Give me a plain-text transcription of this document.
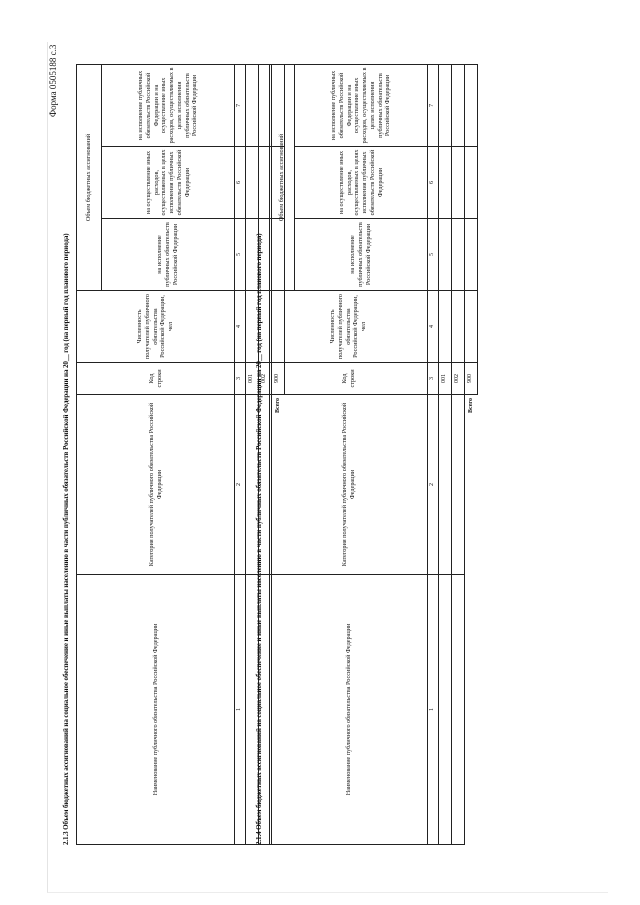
Форма 0505188 с.3
2.1.3 Объем бюджетных ассигнований на социальное обеспечение и иные выплаты населению в части публичных обязательств Российской Федерации на 20__ год (на первый год планового периода)	Наименование публичного обязательства Российской Федерации	Категория получателей публичного обязательства Российской Федерации	Код строки	Численность получателей публичного обязательства Российской Федерации, чел	Объем бюджетных ассигнований		
				на исполнение публичных обязательств Российской Федерации	на осуществление иных расходов, осуществляемых в целях исполнения публичных обязательств Российской Федерации	на исполнение публичных обязательств Российской Федерации и на осуществление иных расходов, осуществляемых в целях исполнения публичных обязательств Российской Федерации
1	2	3	4	5	6	7
		001				
		002				
	Всего	900				
2.1.4 Объем бюджетных ассигнований на социальное обеспечение и иные выплаты населению в части публичных обязательств Российской Федерации на 20__ год (на первый год планового периода)	Наименование публичного обязательства Российской Федерации	Категория получателей публичного обязательства Российской Федерации	Код строки	Численность получателей публичного обязательства Российской Федерации, чел	Объем бюджетных ассигнований		
				на исполнение публичных обязательств Российской Федерации	на осуществление иных расходов, осуществляемых в целях исполнения публичных обязательств Российской Федерации	на исполнение публичных обязательств Российской Федерации и на осуществление иных расходов, осуществляемых в целях исполнения публичных обязательств Российской Федерации
1	2	3	4	5	6	7
		001				
		002				
	Всего	900				
